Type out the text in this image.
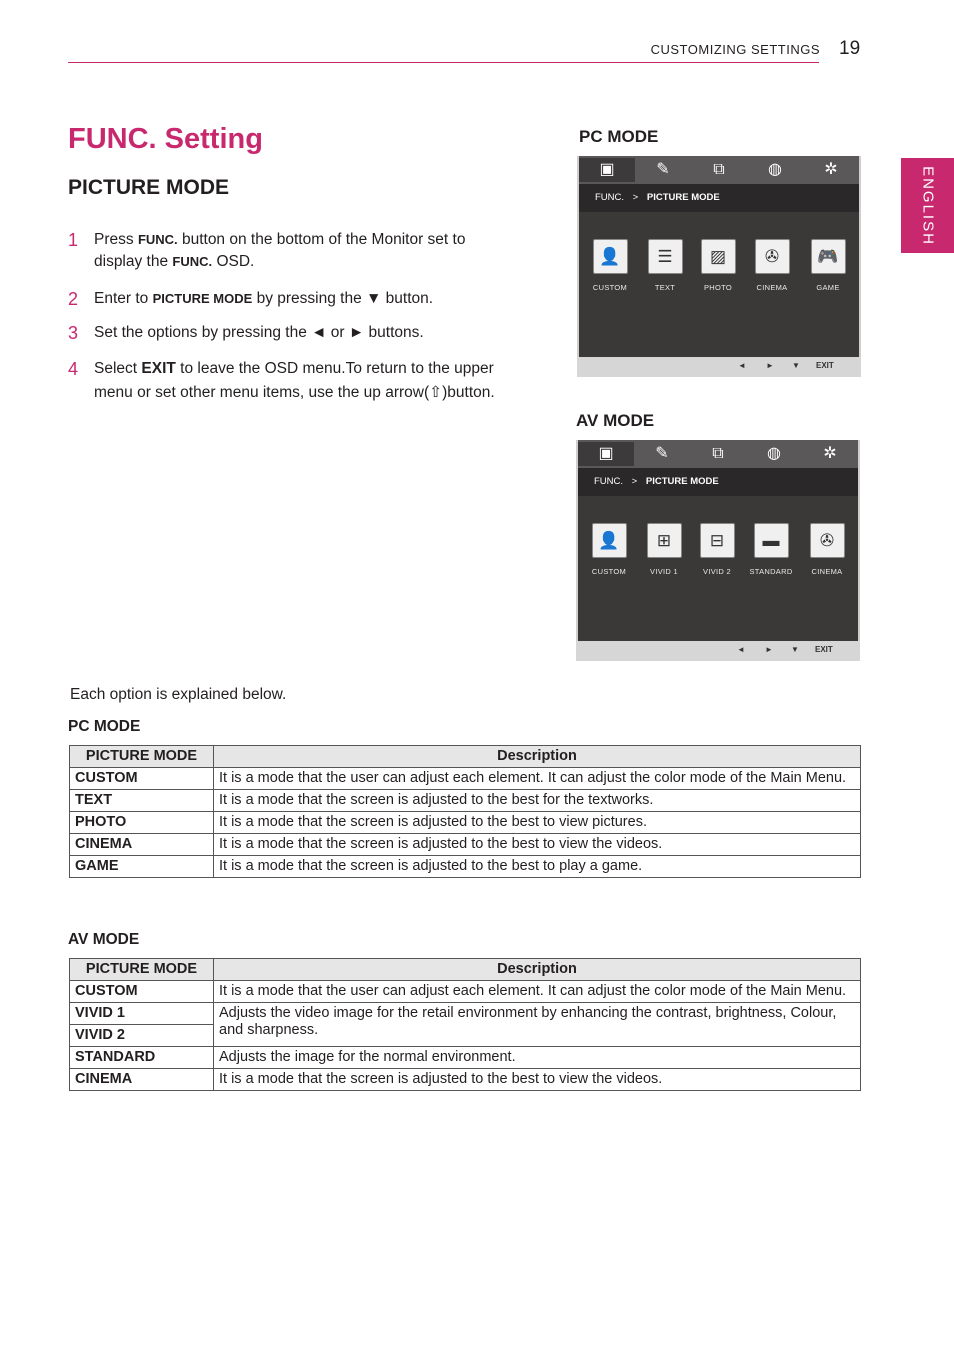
CUSTOMIZING SETTINGS 19
ENGLISH
FUNC. Setting
PICTURE MODE
1 Press FUNC. button on the bottom of the Monitor set to display the FUNC. OSD.
2 Enter to PICTURE MODE by pressing the ▼ button.
3 Set the options by pressing the ◄ or ► buttons.
4 Select EXIT to leave the OSD menu.To return to the upper menu or set other menu items, use the up arrow(⇧)button.
PC MODE
▣	✎	⧉	◍	✲
FUNC. > PICTURE MODE
👤
CUSTOM
☰
TEXT
▨
PHOTO
✇
CINEMA
🎮
GAME
◄	► ▼ EXIT
AV MODE
▣	✎	⧉	◍	✲
FUNC. > PICTURE MODE
👤
CUSTOM
⊞
VIVID 1
⊟
VIVID 2
▬
STANDARD
✇
CINEMA
◄	► ▼ EXIT
Each option is explained below.
PC MODE
PICTURE MODE	Description
CUSTOM	It is a mode that the user can adjust each element. It can adjust the color mode of the Main Menu.
TEXT	It is a mode that the screen is adjusted to the best for the textworks.
PHOTO	It is a mode that the screen is adjusted to the best to view pictures.
CINEMA	It is a mode that the screen is adjusted to the best to view the videos.
GAME	It is a mode that the screen is adjusted to the best to play a game.
AV MODE
PICTURE MODE	Description
CUSTOM	It is a mode that the user can adjust each element. It can adjust the color mode of the Main Menu.
VIVID 1	Adjusts the video image for the retail environment by enhancing the contrast, brightness, Colour, and sharpness.
VIVID 2	
STANDARD	Adjusts the image for the normal environment.
CINEMA	It is a mode that the screen is adjusted to the best to view the videos.
